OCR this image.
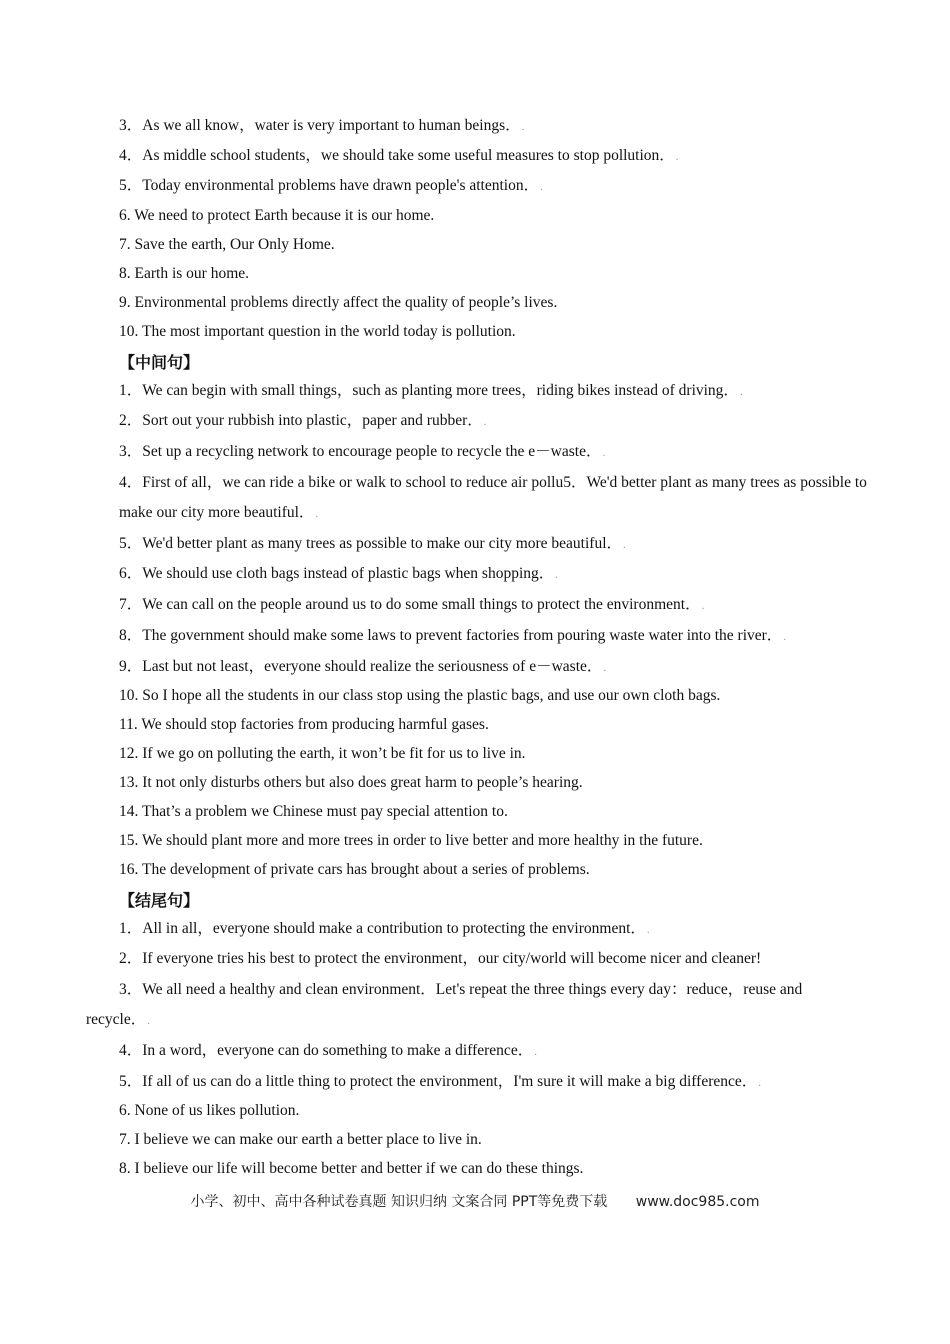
3．As we all know，water is very important to human beings．.
4．As middle school students，we should take some useful measures to stop pollution．.
5．Today environmental problems have drawn people's attention．.
6. We need to protect Earth because it is our home.
7. Save the earth, Our Only Home.
8. Earth is our home.
9. Environmental problems directly affect the quality of people’s lives.
10. The most important question in the world today is pollution.
【中间句】
1．We can begin with small things，such as planting more trees，riding bikes instead of driving．.
2．Sort out your rubbish into plastic，paper and rubber．.
3．Set up a recycling network to encourage people to recycle the e－waste．.
4．First of all，we can ride a bike or walk to school to reduce air pollu5．We'd better plant as many trees as possible to make our city more beautiful．.
5．We'd better plant as many trees as possible to make our city more beautiful．.
6．We should use cloth bags instead of plastic bags when shopping．.
7．We can call on the people around us to do some small things to protect the environment．.
8．The government should make some laws to prevent factories from pouring waste water into the river．.
9．Last but not least，everyone should realize the seriousness of e－waste．.
10. So I hope all the students in our class stop using the plastic bags, and use our own cloth bags.
11. We should stop factories from producing harmful gases.
12. If we go on polluting the earth, it won’t be fit for us to live in.
13. It not only disturbs others but also does great harm to people’s hearing.
14. That’s a problem we Chinese must pay special attention to.
15. We should plant more and more trees in order to live better and more healthy in the future.
16. The development of private cars has brought about a series of problems.
【结尾句】
1．All in all，everyone should make a contribution to protecting the environment．.
2．If everyone tries his best to protect the environment，our city/world will become nicer and cleaner!
3．We all need a healthy and clean environment．Let's repeat the three things every day：reduce，reuse and recycle．.
4．In a word，everyone can do something to make a difference．.
5．If all of us can do a little thing to protect the environment，I'm sure it will make a big difference．.
6. None of us likes pollution.
7. I believe we can make our earth a better place to live in.
8. I believe our life will become better and better if we can do these things.
小学、初中、高中各种试卷真题 知识归纳 文案合同 PPT等免费下载 www.doc985.com
